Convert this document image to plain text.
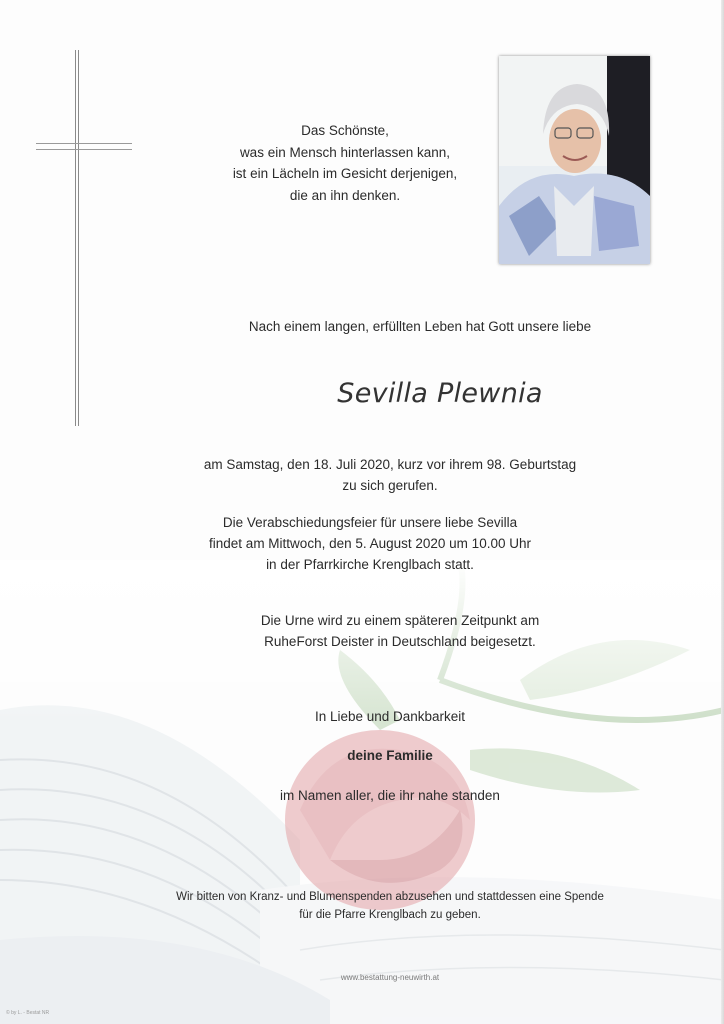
Das Schönste,
was ein Mensch hinterlassen kann,
ist ein Lächeln im Gesicht derjenigen,
die an ihn denken.
Nach einem langen, erfüllten Leben hat Gott unsere liebe
Sevilla Plewnia
am Samstag, den 18. Juli 2020, kurz vor ihrem 98. Geburtstag
zu sich gerufen.
Die Verabschiedungsfeier für unsere liebe Sevilla
findet am Mittwoch, den 5. August 2020 um 10.00 Uhr
in der Pfarrkirche Krenglbach statt.
Die Urne wird zu einem späteren Zeitpunkt am
RuheForst Deister in Deutschland beigesetzt.
In Liebe und Dankbarkeit
deine Familie
im Namen aller, die ihr nahe standen
Wir bitten von Kranz- und Blumenspenden abzusehen und stattdessen eine Spende
für die Pfarre Krenglbach zu geben.
www.bestattung-neuwirth.at
© by L. - Bestat NR
